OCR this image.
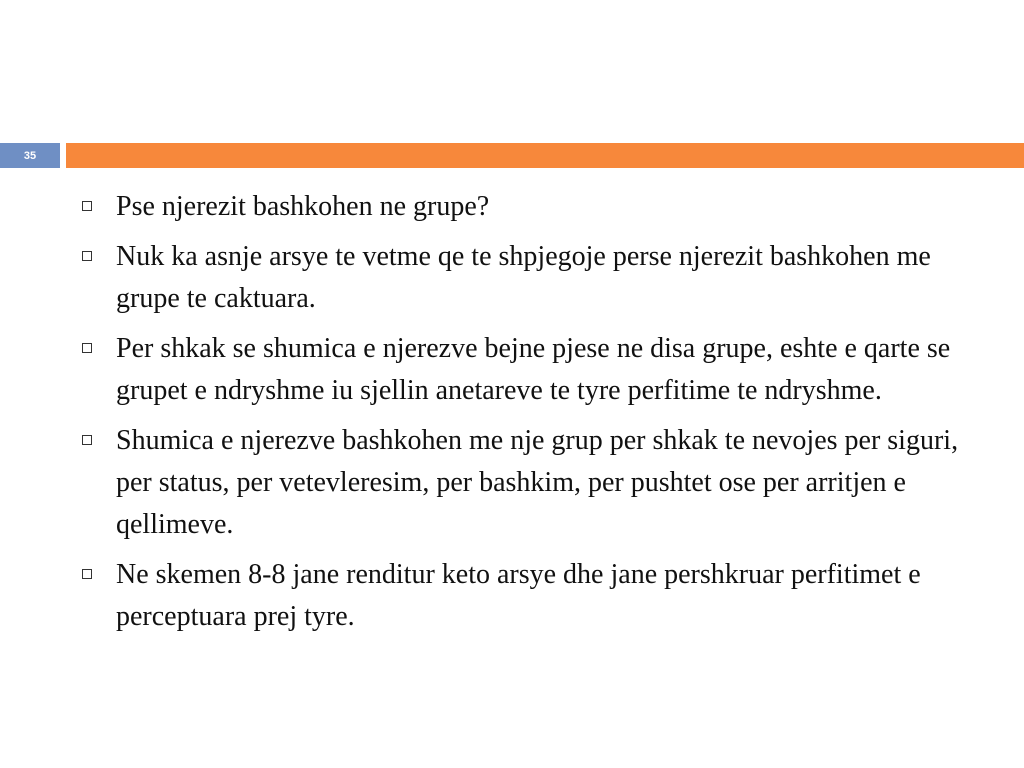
35
Pse njerezit bashkohen ne grupe?
Nuk ka asnje arsye te vetme qe te shpjegoje perse njerezit bashkohen me grupe te caktuara.
Per shkak se shumica e njerezve bejne pjese ne disa grupe, eshte e qarte se grupet e ndryshme iu sjellin anetareve te tyre perfitime te ndryshme.
Shumica e njerezve bashkohen me nje grup per shkak te nevojes per siguri, per status, per vetevleresim, per bashkim, per pushtet ose per arritjen e qellimeve.
Ne skemen 8-8 jane renditur keto arsye dhe jane pershkruar perfitimet e perceptuara prej tyre.
